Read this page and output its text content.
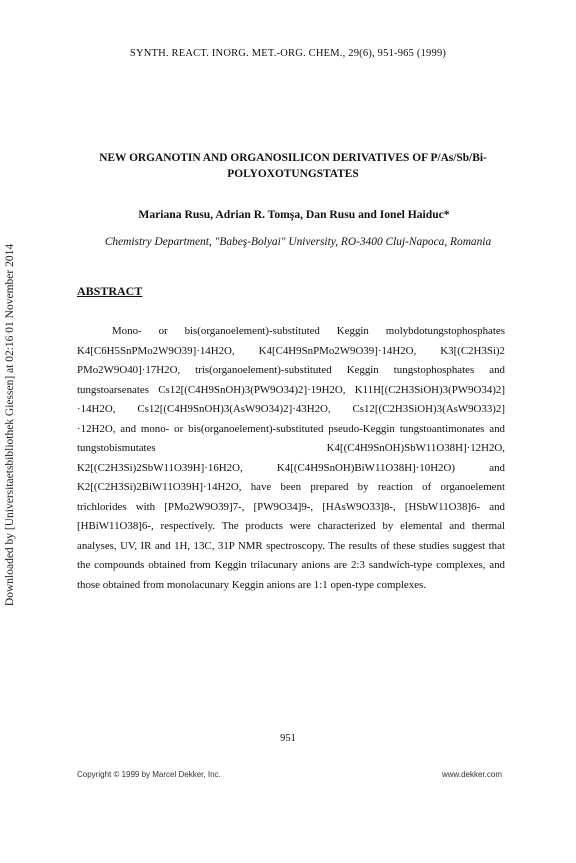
SYNTH. REACT. INORG. MET.-ORG. CHEM., 29(6), 951-965 (1999)
Downloaded by [Universitaetsbibliothek Giessen] at 02:16 01 November 2014
NEW ORGANOTIN AND ORGANOSILICON DERIVATIVES OF P/As/Sb/Bi-
POLYOXOTUNGSTATES
Mariana Rusu, Adrian R. Tomşa, Dan Rusu and Ionel Haiduc*
Chemistry Department, "Babeş-Bolyai" University, RO-3400 Cluj-Napoca, Romania
ABSTRACT
Mono- or bis(organoelement)-substituted Keggin molybdotungstophosphates K4[C6H5SnPMo2W9O39]·14H2O, K4[C4H9SnPMo2W9O39]·14H2O, K3[(C2H3Si)2 PMo2W9O40]·17H2O, tris(organoelement)-substituted Keggin tungstophosphates and tungstoarsenates Cs12[(C4H9SnOH)3(PW9O34)2]·19H2O, K11H[(C2H3SiOH)3(PW9O34)2] ·14H2O, Cs12[(C4H9SnOH)3(AsW9O34)2]·43H2O, Cs12[(C2H3SiOH)3(AsW9O33)2] ·12H2O, and mono- or bis(organoelement)-substituted pseudo-Keggin tungstoantimonates and tungstobismutates K4[(C4H9SnOH)SbW11O38H]·12H2O, K2[(C2H3Si)2SbW11O39H]·16H2O, K4[(C4H9SnOH)BiW11O38H]·10H2O) and K2[(C2H3Si)2BiW11O39H]·14H2O, have been prepared by reaction of organoelement trichlorides with [PMo2W9O39]7-, [PW9O34]9-, [HAsW9O33]8-, [HSbW11O38]6- and [HBiW11O38]6-, respectively. The products were characterized by elemental and thermal analyses, UV, IR and 1H, 13C, 31P NMR spectroscopy. The results of these studies suggest that the compounds obtained from Keggin trilacunary anions are 2:3 sandwich-type complexes, and those obtained from monolacunary Keggin anions are 1:1 open-type complexes.
951
Copyright © 1999 by Marcel Dekker, Inc.	www.dekker.com
